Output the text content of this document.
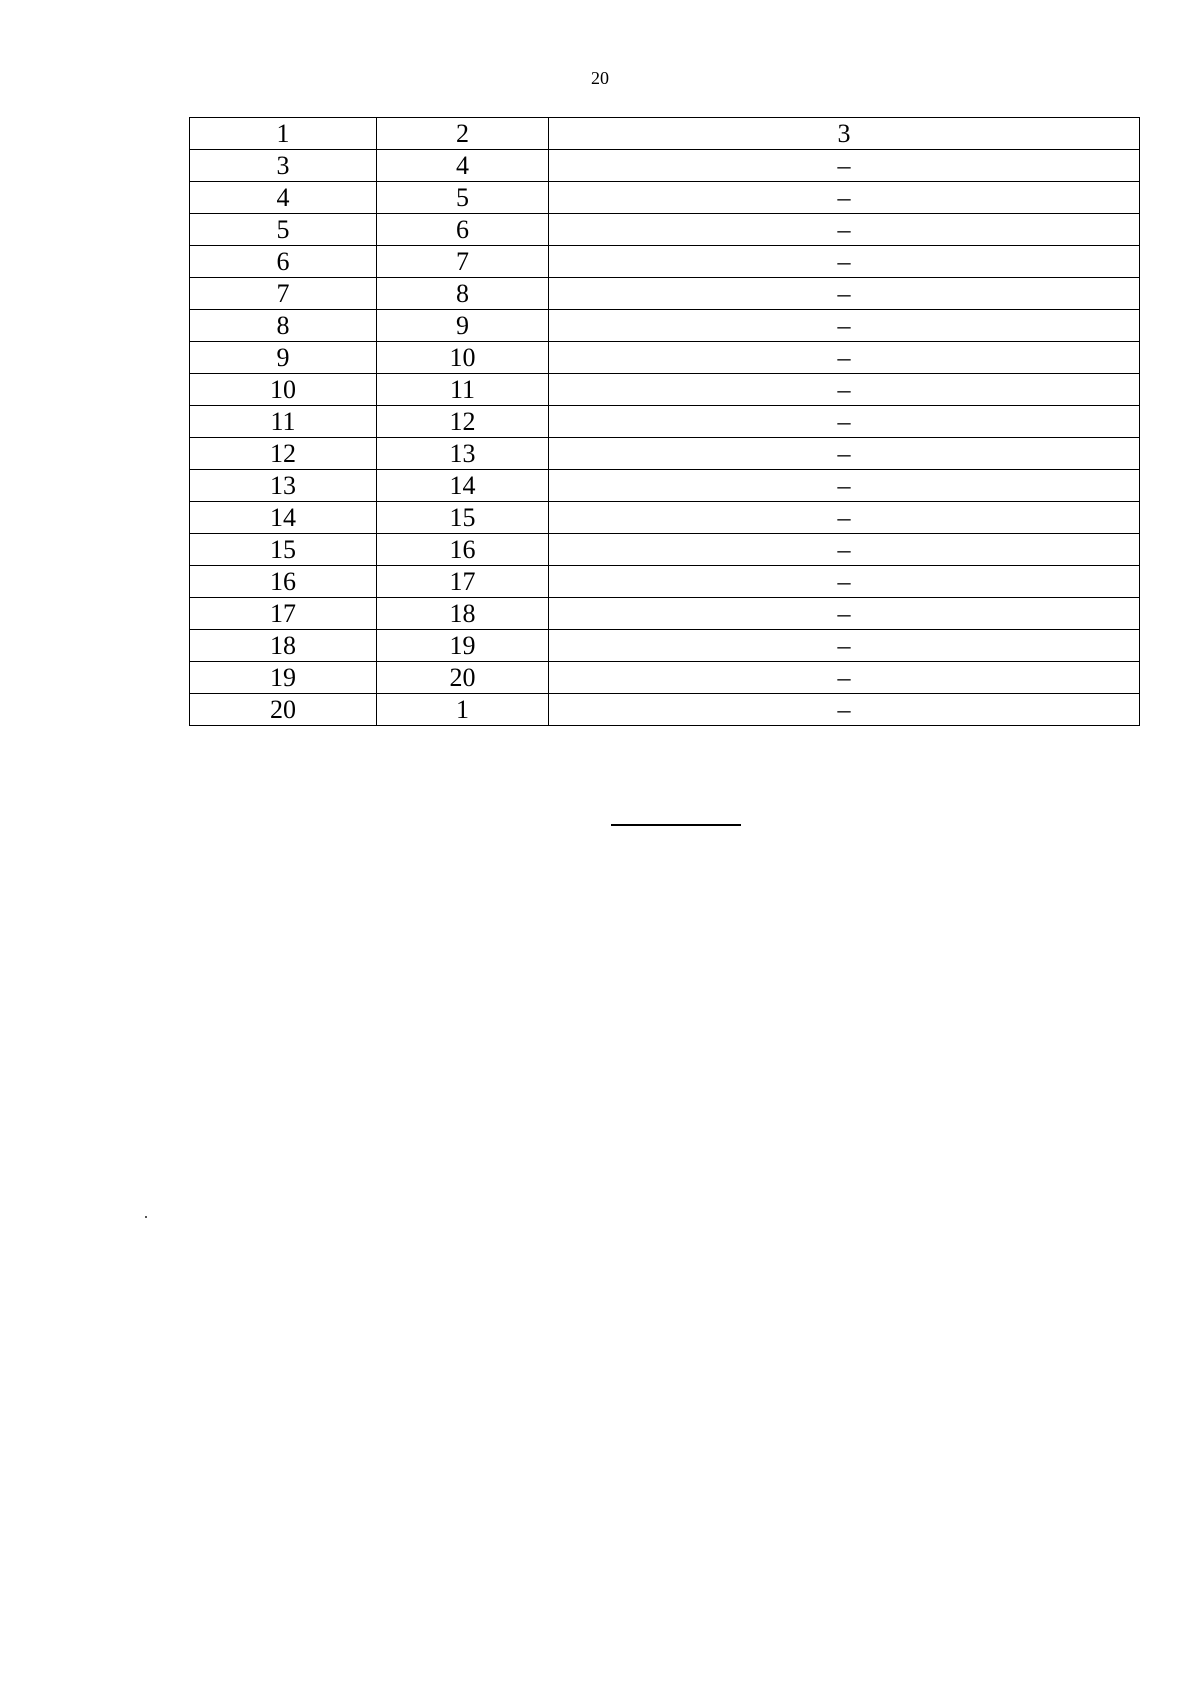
20
1	2	3
3	4	–
4	5	–
5	6	–
6	7	–
7	8	–
8	9	–
9	10	–
10	11	–
11	12	–
12	13	–
13	14	–
14	15	–
15	16	–
16	17	–
17	18	–
18	19	–
19	20	–
20	1	–
